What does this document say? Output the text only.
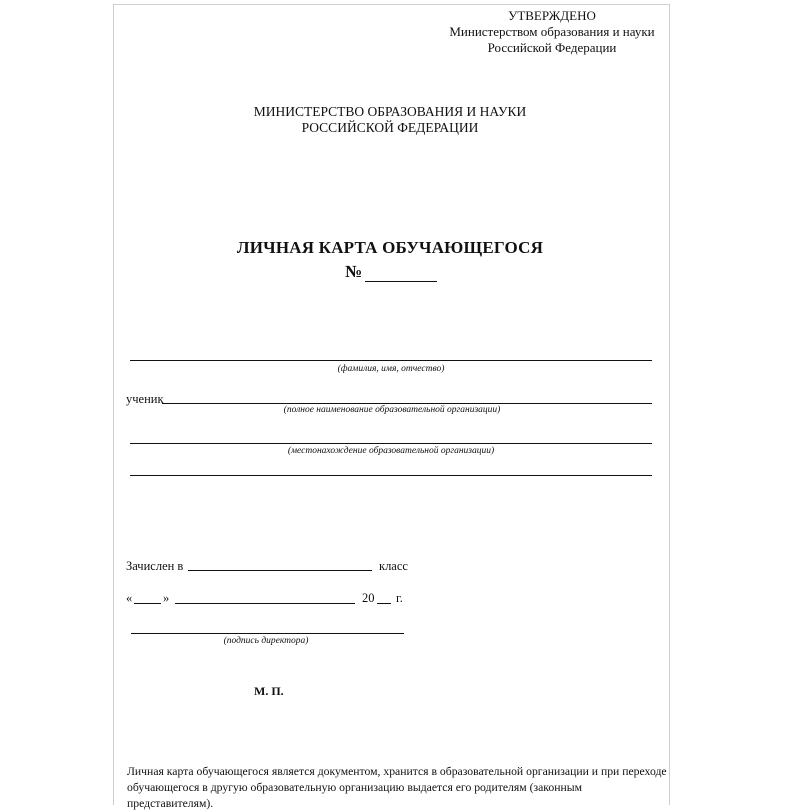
УТВЕРЖДЕНО
Министерством образования и науки
Российской Федерации
МИНИСТЕРСТВО ОБРАЗОВАНИЯ И НАУКИ
РОССИЙСКОЙ ФЕДЕРАЦИИ
ЛИЧНАЯ КАРТА ОБУЧАЮЩЕГОСЯ
№
(фамилия, имя, отчество)
ученик
(полное наименование образовательной организации)
(местонахождение образовательной организации)
Зачислен в	класс
« »	20 г.
(подпись директора)
М. П.
Личная карта обучающегося является документом, хранится в образовательной организации и при переходе
обучающегося в другую образовательную организацию выдается его родителям (законным представителям).
